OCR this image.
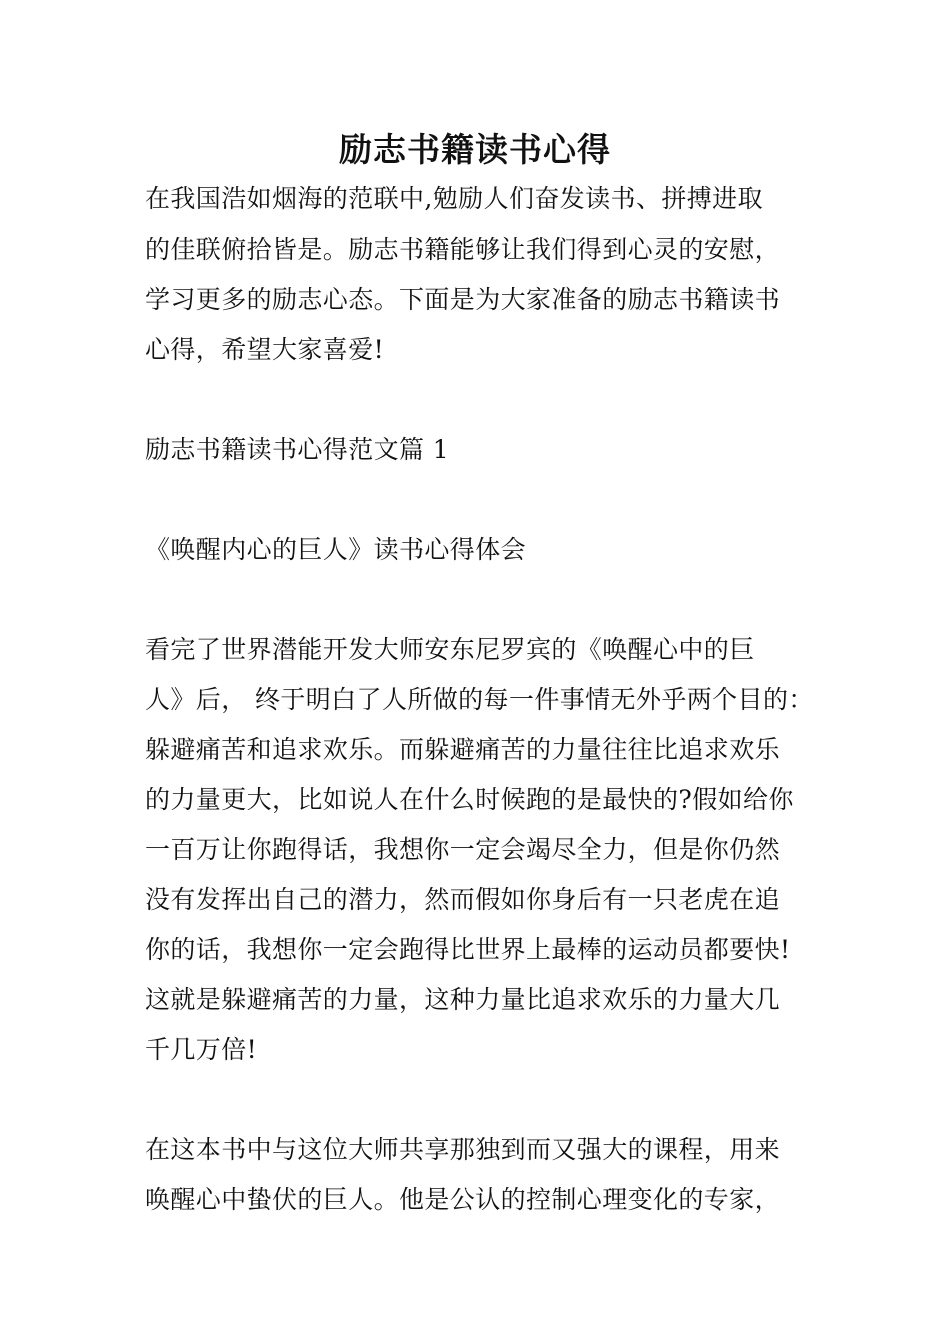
励志书籍读书心得
在我国浩如烟海的范联中,勉励人们奋发读书、拼搏进取
的佳联俯拾皆是。励志书籍能够让我们得到心灵的安慰，
学习更多的励志心态。下面是为大家准备的励志书籍读书
心得，希望大家喜爱!
励志书籍读书心得范文篇 1
《唤醒内心的巨人》读书心得体会
看完了世界潜能开发大师安东尼罗宾的《唤醒心中的巨
人》后， 终于明白了人所做的每一件事情无外乎两个目的：
躲避痛苦和追求欢乐。而躲避痛苦的力量往往比追求欢乐
的力量更大，比如说人在什么时候跑的是最快的?假如给你
一百万让你跑得话，我想你一定会竭尽全力，但是你仍然
没有发挥出自己的潜力，然而假如你身后有一只老虎在追
你的话，我想你一定会跑得比世界上最棒的运动员都要快!
这就是躲避痛苦的力量，这种力量比追求欢乐的力量大几
千几万倍!
在这本书中与这位大师共享那独到而又强大的课程，用来
唤醒心中蛰伏的巨人。他是公认的控制心理变化的专家，
